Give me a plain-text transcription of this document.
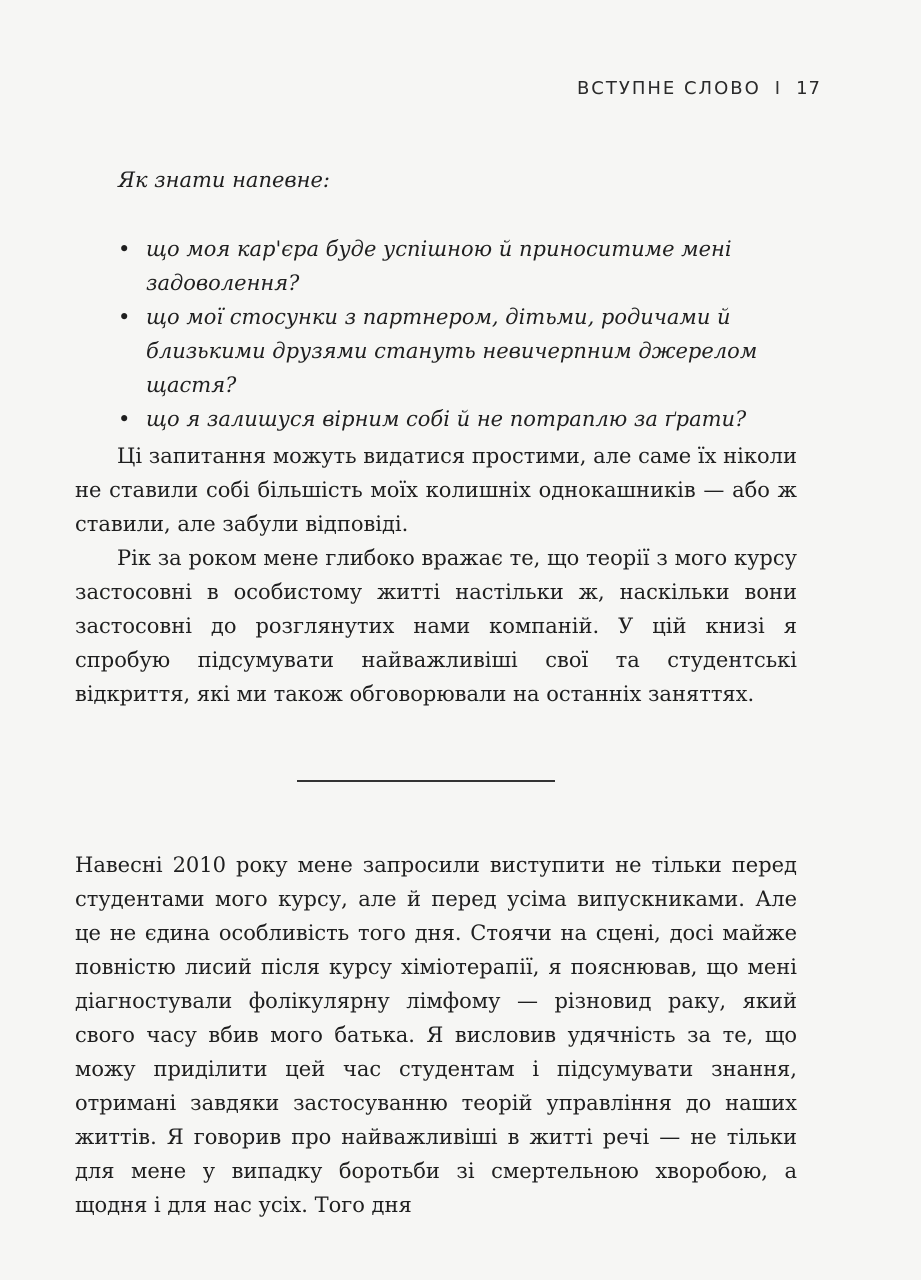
ВСТУПНЕ СЛОВО I 17
Як знати напевне:
• що моя кар'єра буде успішною й приноситиме мені задоволення?
• що мої стосунки з партнером, дітьми, родичами й близькими друзями стануть невичерпним джерелом щастя?
• що я залишуся вірним собі й не потраплю за ґрати?

Ці запитання можуть видатися простими, але саме їх ніколи не ставили собі більшість моїх колишніх однокашників — або ж ставили, але забули відповіді.

Рік за роком мене глибоко вражає те, що теорії з мого курсу застосовні в особистому житті настільки ж, наскільки вони застосовні до розглянутих нами компаній. У цій книзі я спробую підсумувати найважливіші свої та студентські відкриття, які ми також обговорювали на останніх заняттях.

Навесні 2010 року мене запросили виступити не тільки перед студентами мого курсу, але й перед усіма випускниками. Але це не єдина особливість того дня. Стоячи на сцені, досі майже повністю лисий після курсу хіміотерапії, я пояснював, що мені діагностували фолікулярну лімфому — різновид раку, який свого часу вбив мого батька. Я висловив удячність за те, що можу приділити цей час студентам і підсумувати знання, отримані завдяки застосуванню теорій управління до наших життів. Я говорив про найважливіші в житті речі — не тільки для мене у випадку боротьби зі смертельною хворобою, а щодня і для нас усіх. Того дня
